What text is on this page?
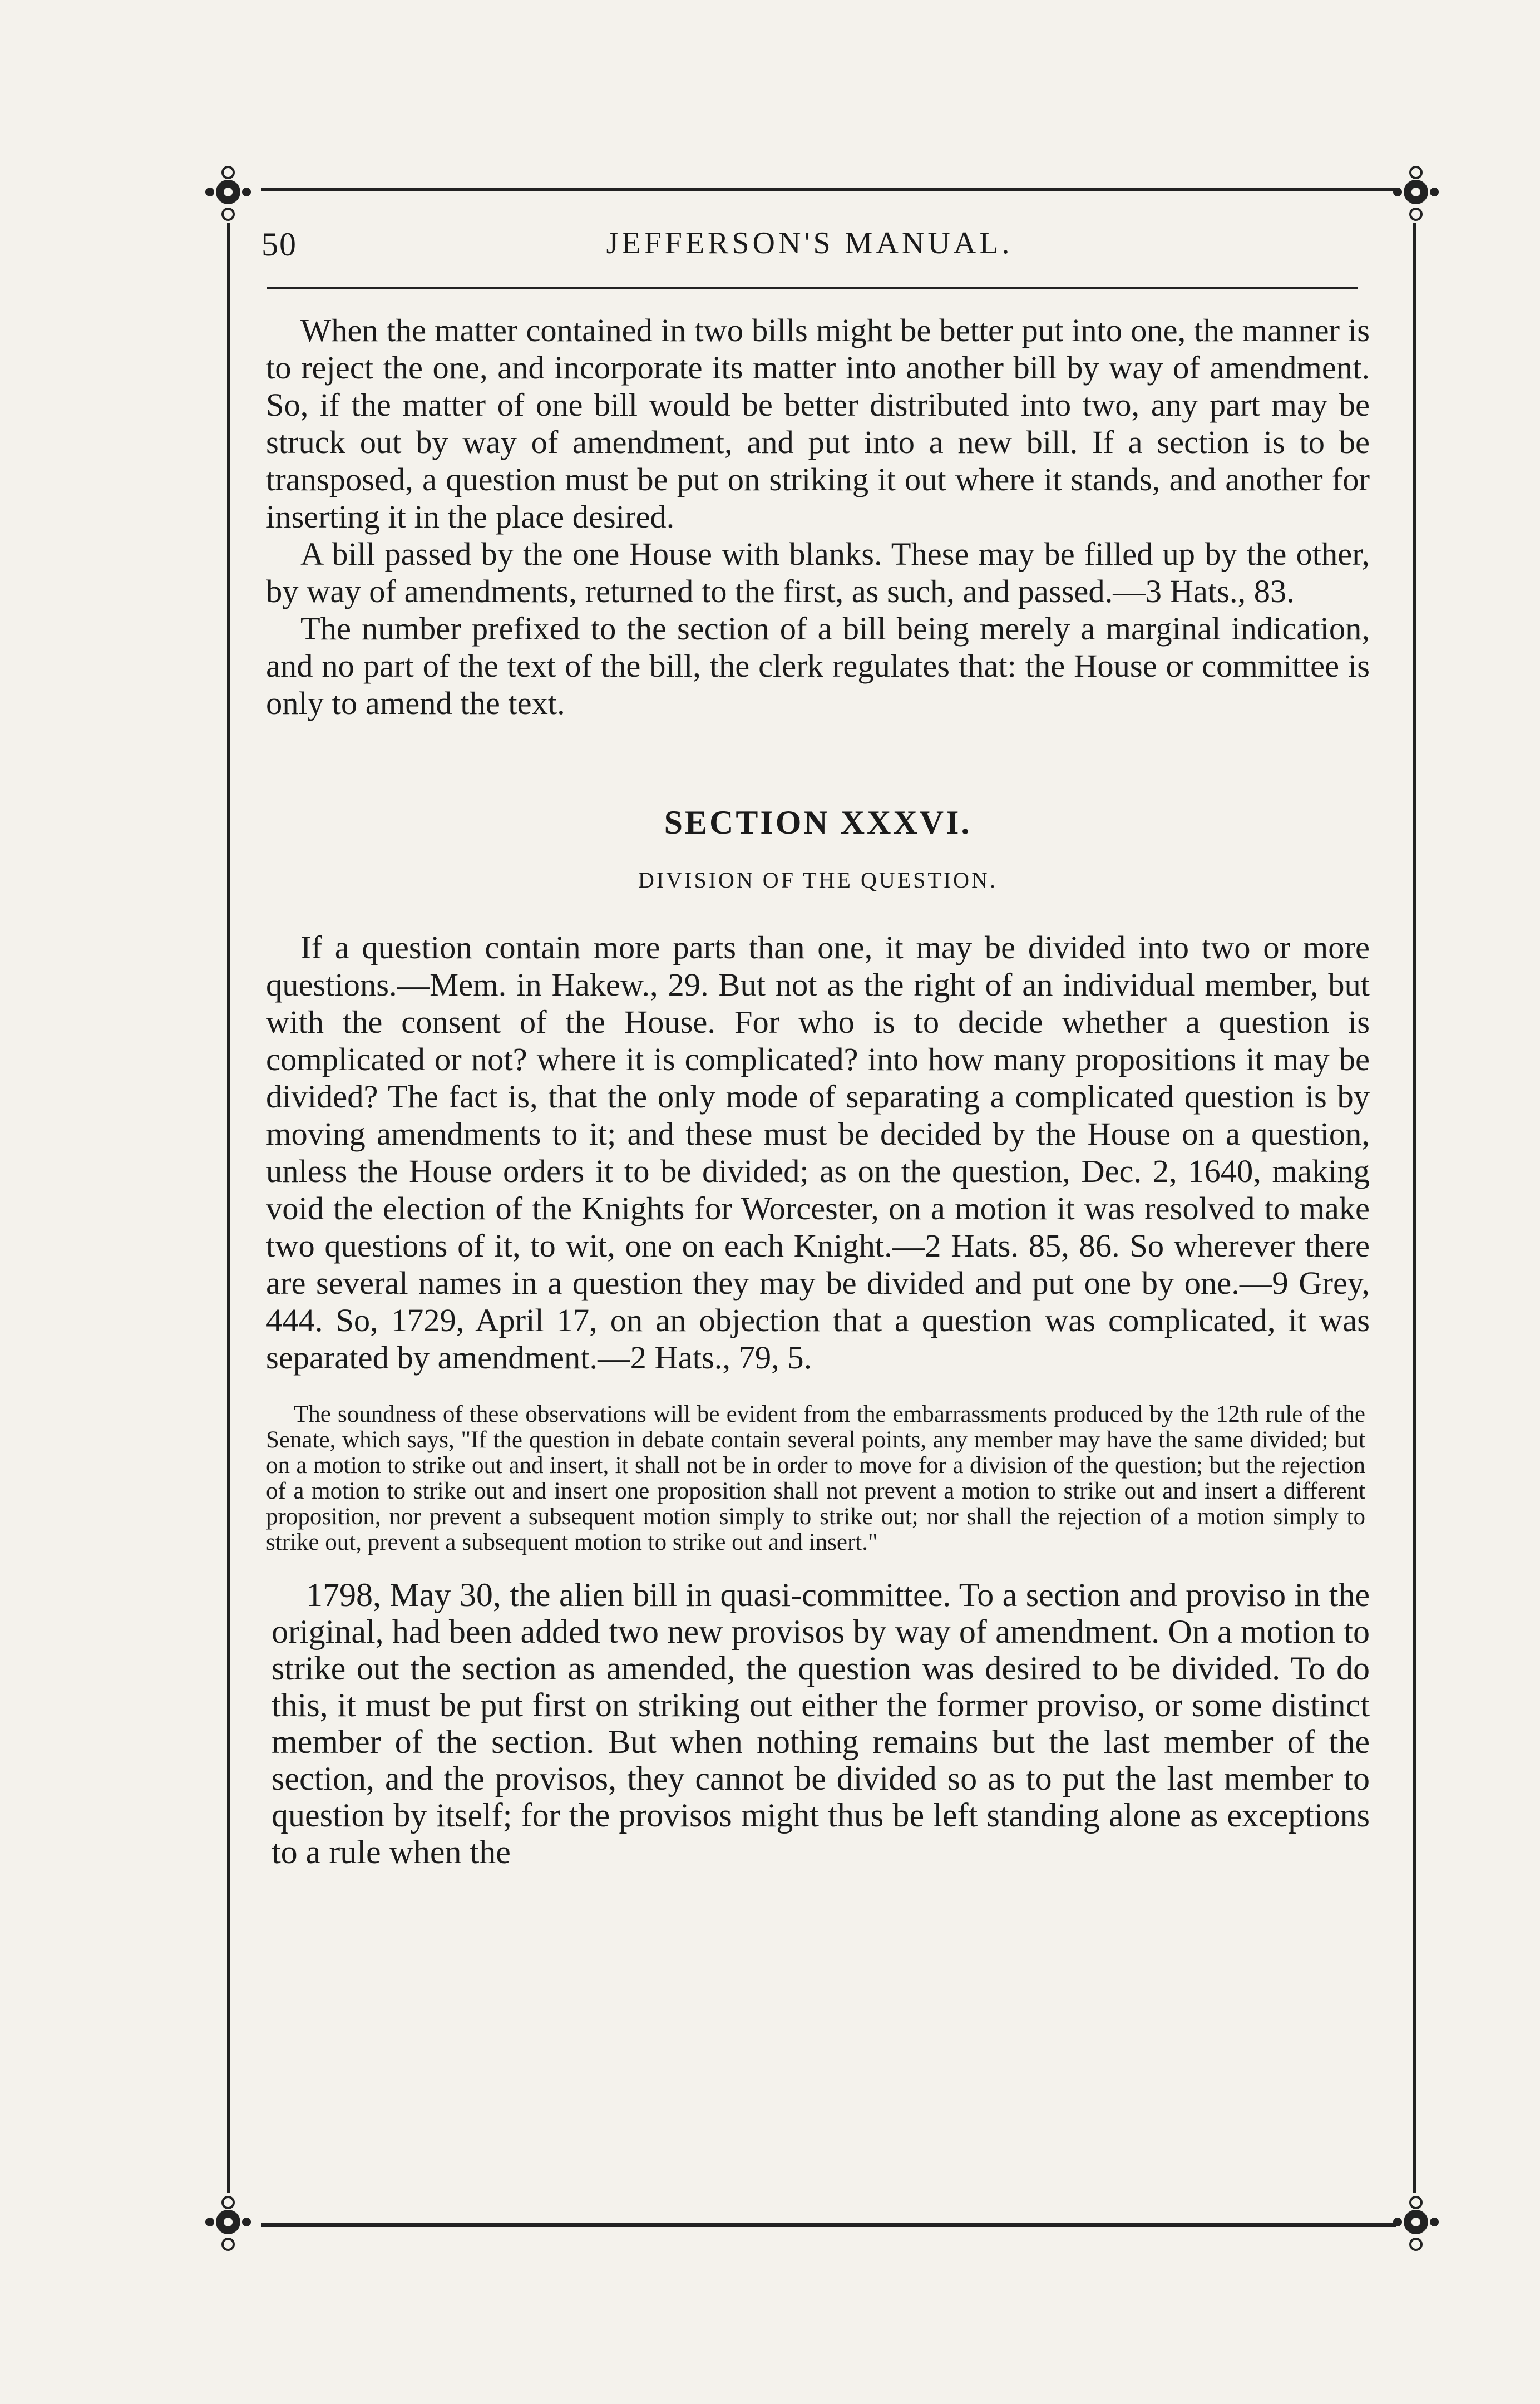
50	JEFFERSON'S MANUAL.

When the matter contained in two bills might be better put into one, the manner is to reject the one, and incorporate its matter into another bill by way of amendment. So, if the matter of one bill would be better distributed into two, any part may be struck out by way of amendment, and put into a new bill. If a section is to be transposed, a question must be put on striking it out where it stands, and another for inserting it in the place desired.

A bill passed by the one House with blanks. These may be filled up by the other, by way of amendments, returned to the first, as such, and passed.—3 Hats., 83.

The number prefixed to the section of a bill being merely a marginal indication, and no part of the text of the bill, the clerk regulates that: the House or committee is only to amend the text.

SECTION XXXVI.
DIVISION OF THE QUESTION.

If a question contain more parts than one, it may be divided into two or more questions.—Mem. in Hakew., 29. But not as the right of an individual member, but with the consent of the House. For who is to decide whether a question is complicated or not? where it is complicated? into how many propositions it may be divided? The fact is, that the only mode of separating a complicated question is by moving amendments to it; and these must be decided by the House on a question, unless the House orders it to be divided; as on the question, Dec. 2, 1640, making void the election of the Knights for Worcester, on a motion it was resolved to make two questions of it, to wit, one on each Knight.—2 Hats. 85, 86. So wherever there are several names in a question they may be divided and put one by one.—9 Grey, 444. So, 1729, April 17, on an objection that a question was complicated, it was separated by amendment.—2 Hats., 79, 5.

The soundness of these observations will be evident from the embarrassments produced by the 12th rule of the Senate, which says, "If the question in debate contain several points, any member may have the same divided; but on a motion to strike out and insert, it shall not be in order to move for a division of the question; but the rejection of a motion to strike out and insert one proposition shall not prevent a motion to strike out and insert a different proposition, nor prevent a subsequent motion simply to strike out; nor shall the rejection of a motion simply to strike out, prevent a subsequent motion to strike out and insert."

1798, May 30, the alien bill in quasi-committee. To a section and proviso in the original, had been added two new provisos by way of amendment. On a motion to strike out the section as amended, the question was desired to be divided. To do this, it must be put first on striking out either the former proviso, or some distinct member of the section. But when nothing remains but the last member of the section, and the provisos, they cannot be divided so as to put the last member to question by itself; for the provisos might thus be left standing alone as exceptions to a rule when the
